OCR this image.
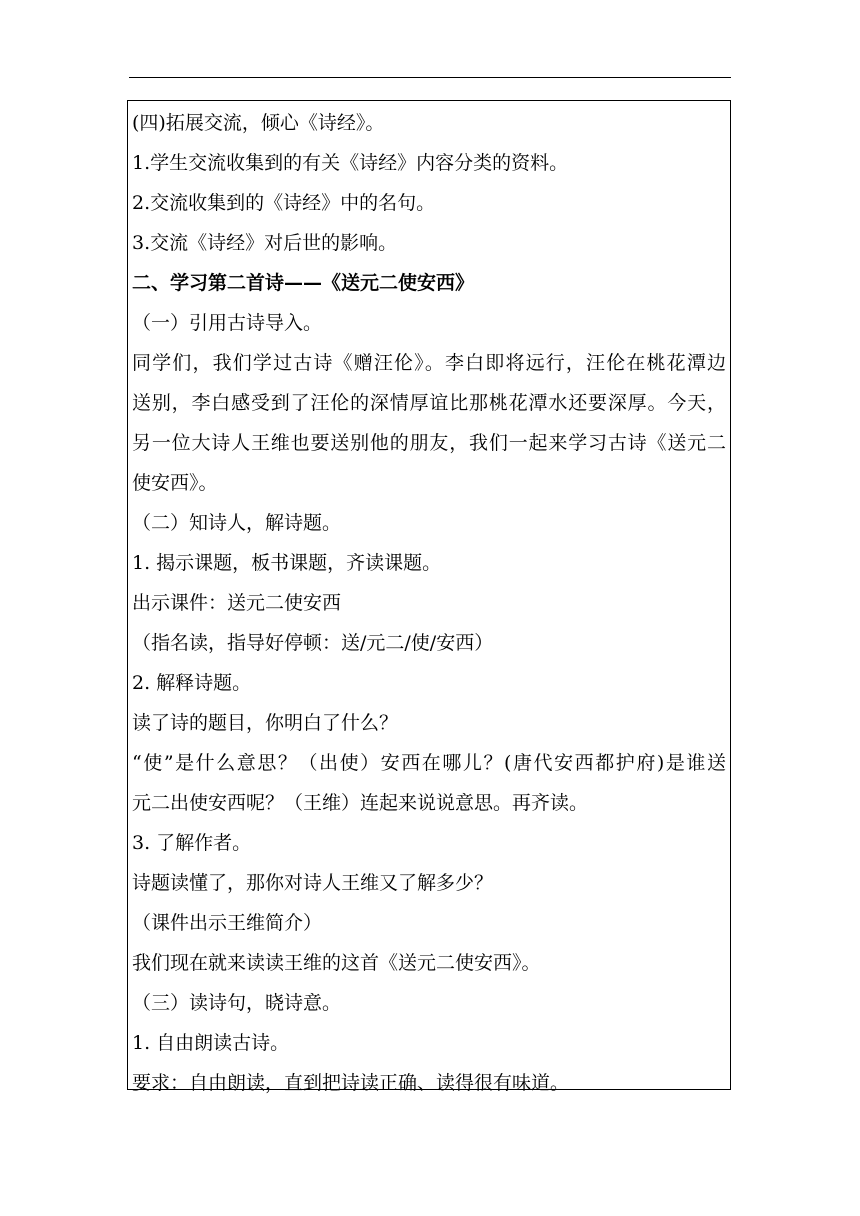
(四)拓展交流，倾心《诗经》。
1.学生交流收集到的有关《诗经》内容分类的资料。
2.交流收集到的《诗经》中的名句。
3.交流《诗经》对后世的影响。
二、学习第二首诗——《送元二使安西》
（一）引用古诗导入。
同学们，我们学过古诗《赠汪伦》。李白即将远行，汪伦在桃花潭边
送别，李白感受到了汪伦的深情厚谊比那桃花潭水还要深厚。今天，
另一位大诗人王维也要送别他的朋友，我们一起来学习古诗《送元二
使安西》。
（二）知诗人，解诗题。
1. 揭示课题，板书课题，齐读课题。
出示课件：送元二使安西
（指名读，指导好停顿：送/元二/使/安西）
2. 解释诗题。
读了诗的题目，你明白了什么？
“使”是什么意思？（出使）安西在哪儿？(唐代安西都护府)是谁送
元二出使安西呢？（王维）连起来说说意思。再齐读。
3. 了解作者。
诗题读懂了，那你对诗人王维又了解多少？
（课件出示王维简介）
我们现在就来读读王维的这首《送元二使安西》。
（三）读诗句，晓诗意。
1. 自由朗读古诗。
要求：自由朗读，直到把诗读正确、读得很有味道。
